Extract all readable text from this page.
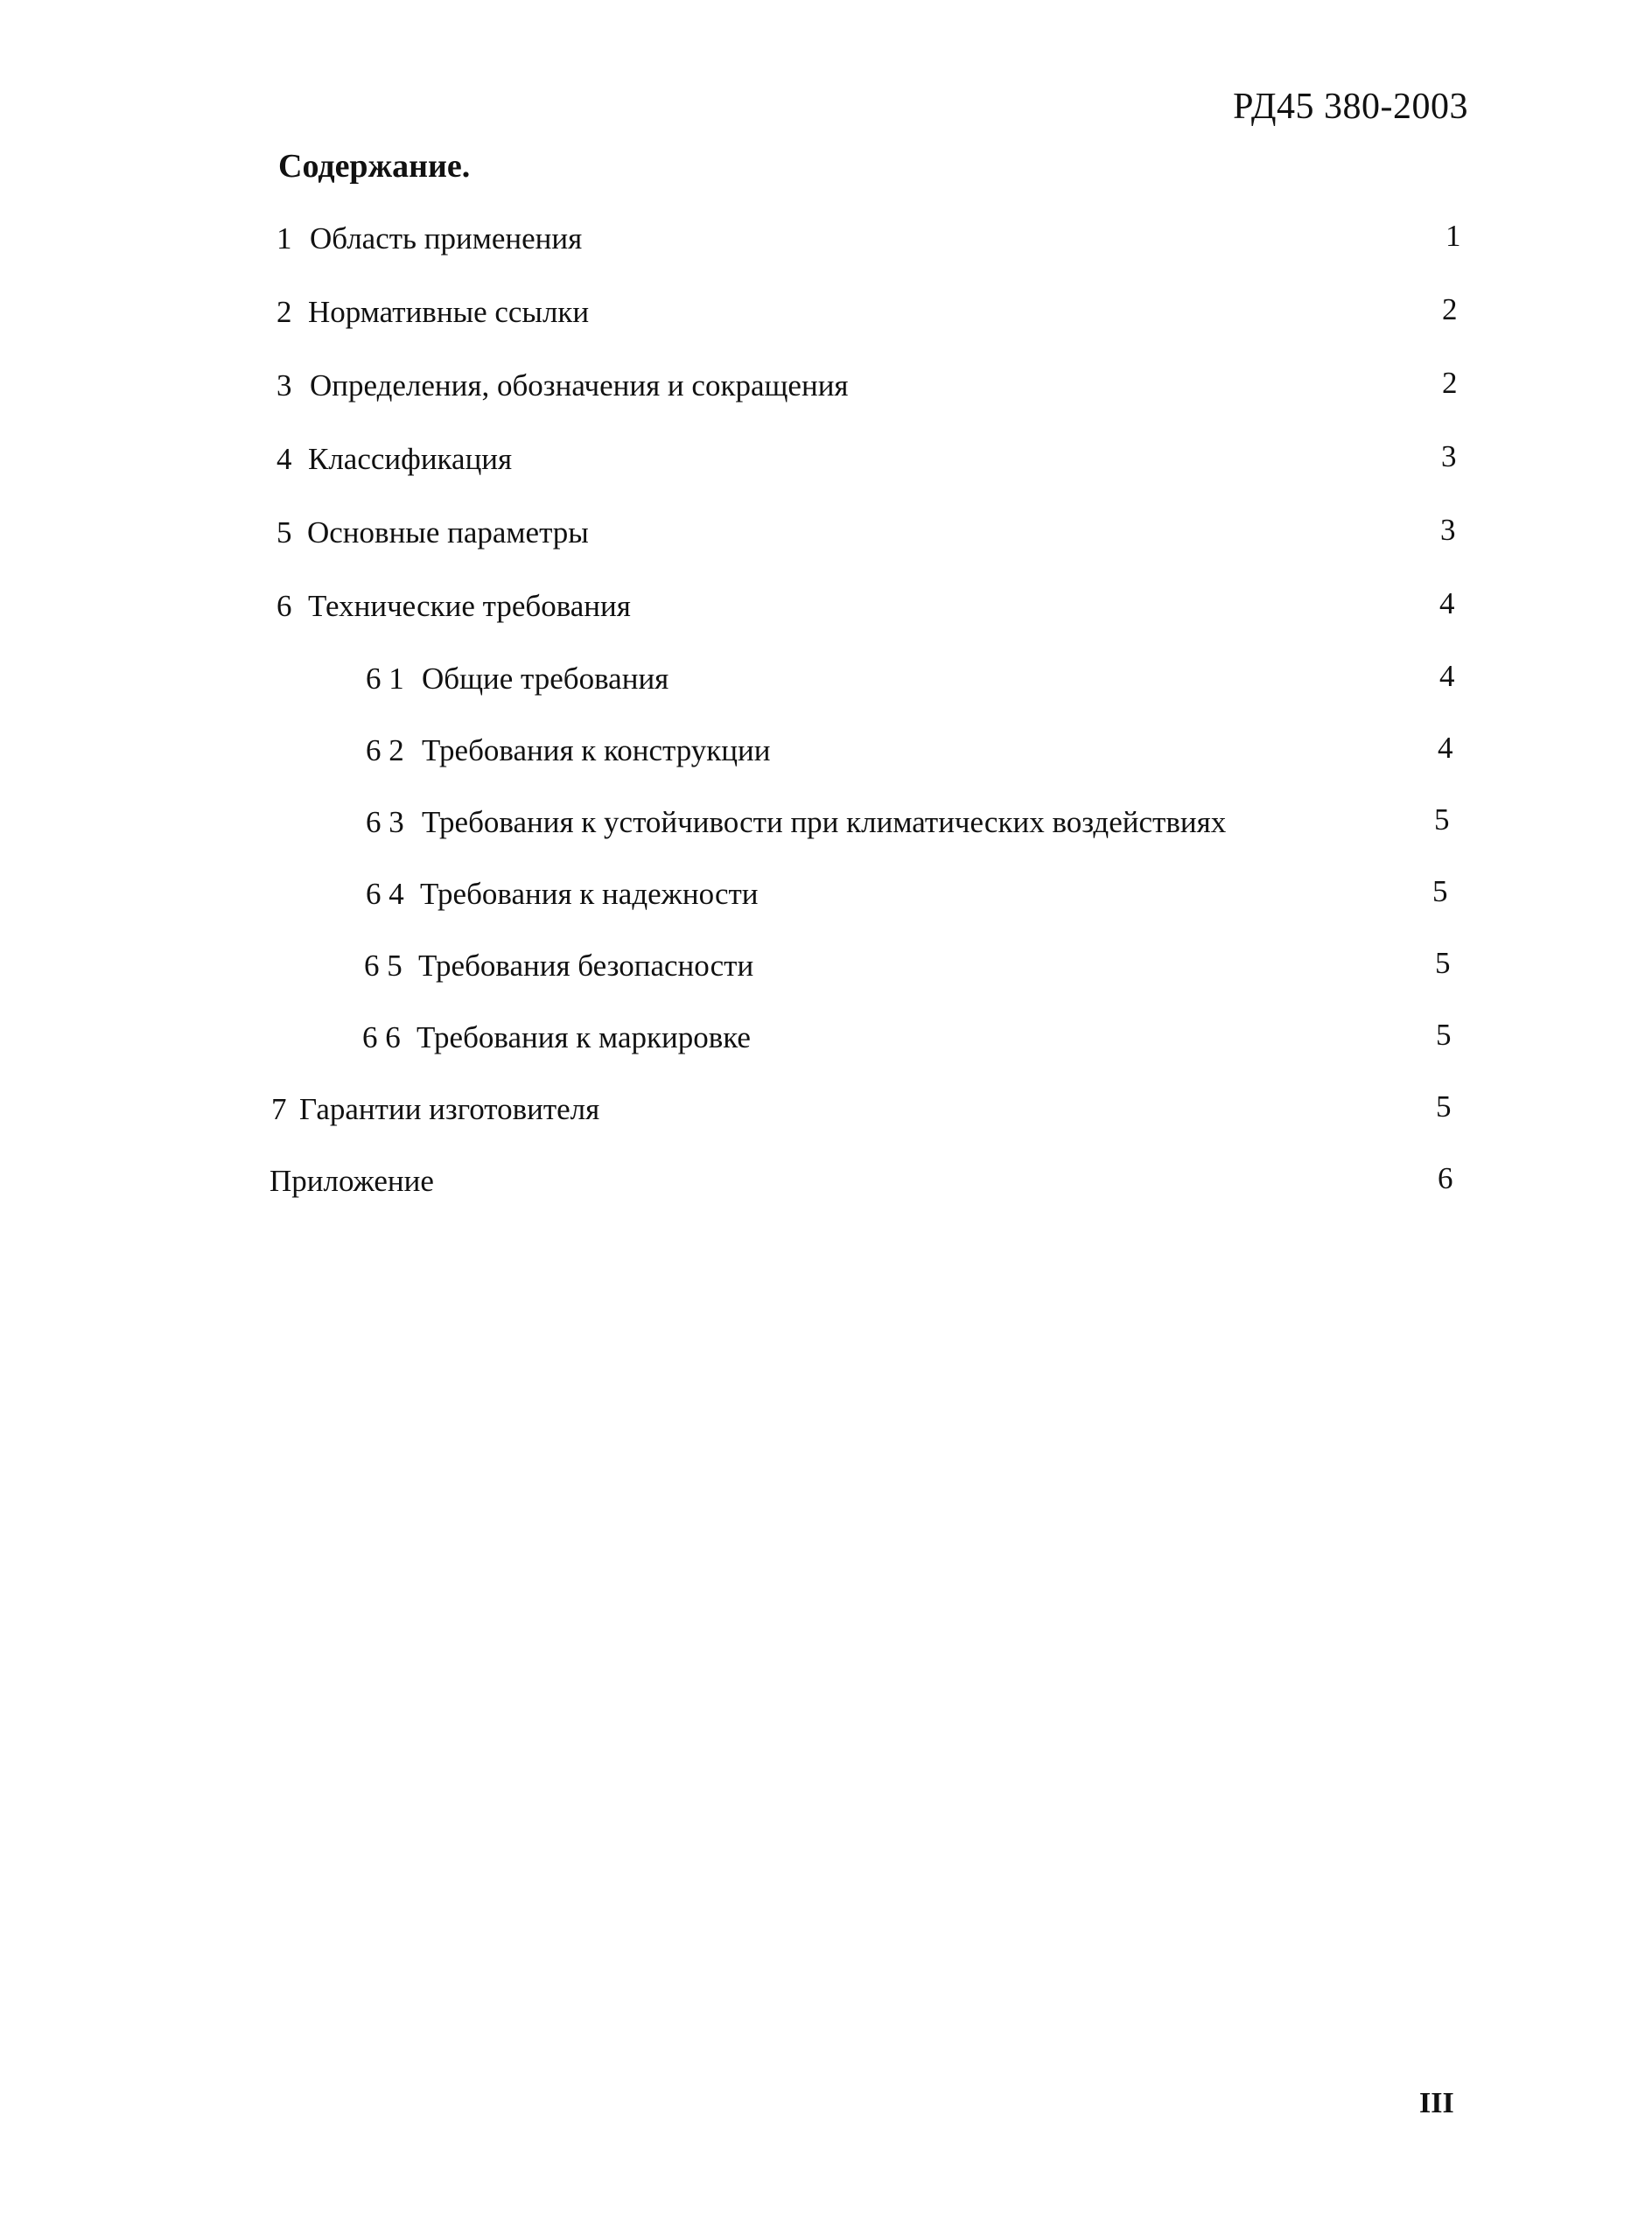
РД45 380-2003
Содержание.
1 Область применения	1
2 Нормативные ссылки	2
3 Определения, обозначения и сокращения	2
4 Классификация	3
5 Основные параметры	3
6 Технические требования	4
6 1 Общие требования	4
6 2 Требования к конструкции	4
6 3 Требования к устойчивости при климатических воздействиях	5
6 4 Требования к надежности	5
6 5 Требования безопасности	5
6 6 Требования к маркировке	5
7 Гарантии изготовителя	5
Приложение	6
III
